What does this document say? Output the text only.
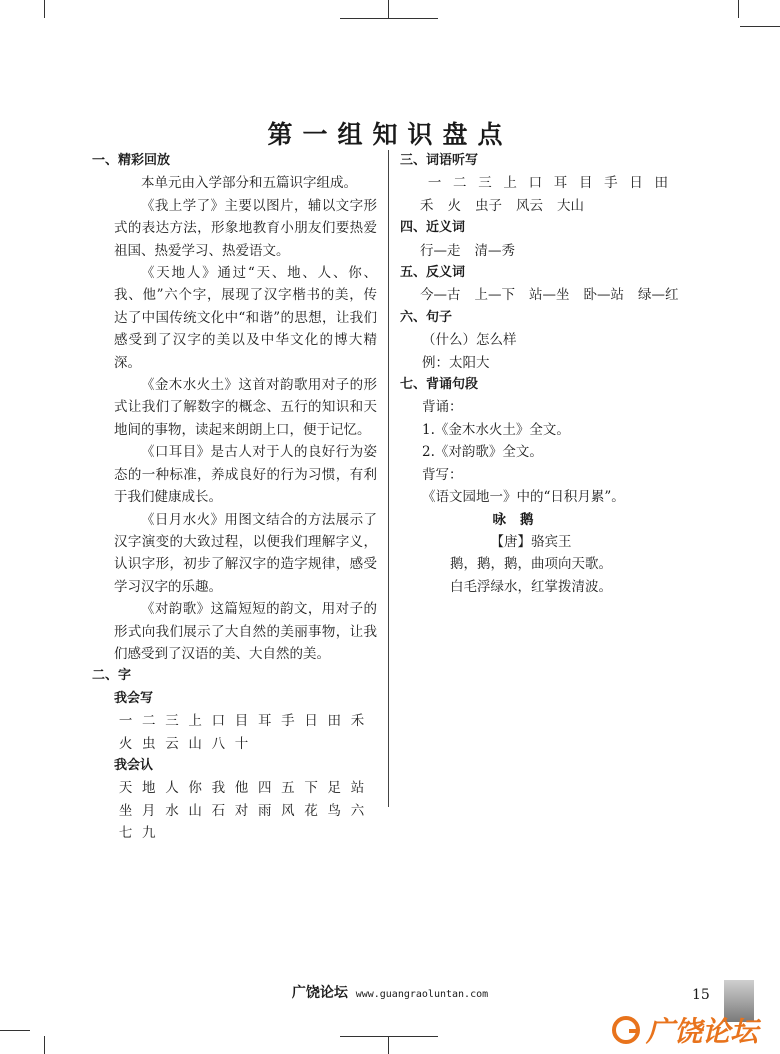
第一组知识盘点
一、精彩回放

本单元由入学部分和五篇识字组成。

《我上学了》主要以图片，辅以文字形式的表达方法，形象地教育小朋友们要热爱祖国、热爱学习、热爱语文。

《天地人》通过“天、地、人、你、我、他”六个字，展现了汉字楷书的美，传达了中国传统文化中“和谐”的思想，让我们感受到了汉字的美以及中华文化的博大精深。

《金木水火土》这首对韵歌用对子的形式让我们了解数字的概念、五行的知识和天地间的事物，读起来朗朗上口，便于记忆。

《口耳目》是古人对于人的良好行为姿态的一种标准，养成良好的行为习惯，有利于我们健康成长。

《日月水火》用图文结合的方法展示了汉字演变的大致过程，以便我们理解字义，认识字形，初步了解汉字的造字规律，感受学习汉字的乐趣。

《对韵歌》这篇短短的韵文，用对子的形式向我们展示了大自然的美丽事物，让我们感受到了汉语的美、大自然的美。

二、字
我会写
一 二 三 上 口 目 耳 手 日 田 禾
火 虫 云 山 八 十
我会认
天 地 人 你 我 他 四 五 下 足 站
坐 月 水 山 石 对 雨 风 花 鸟 六
七 九
三、词语听写
一 二 三 上 口 耳 目 手 日 田
禾 火 虫子 风云 大山
四、近义词
行—走 清—秀
五、反义词
今—古 上—下 站—坐 卧—站 绿—红
六、句子
（什么）怎么样
例：太阳大
七、背诵句段
背诵：
1.《金木水火土》全文。
2.《对韵歌》全文。
背写：
《语文园地一》中的“日积月累”。
咏鹅
【唐】骆宾王
鹅，鹅，鹅，曲项向天歌。
白毛浮绿水，红掌拨清波。
广饶论坛 www.guangraoluntan.com	15
广饶论坛
